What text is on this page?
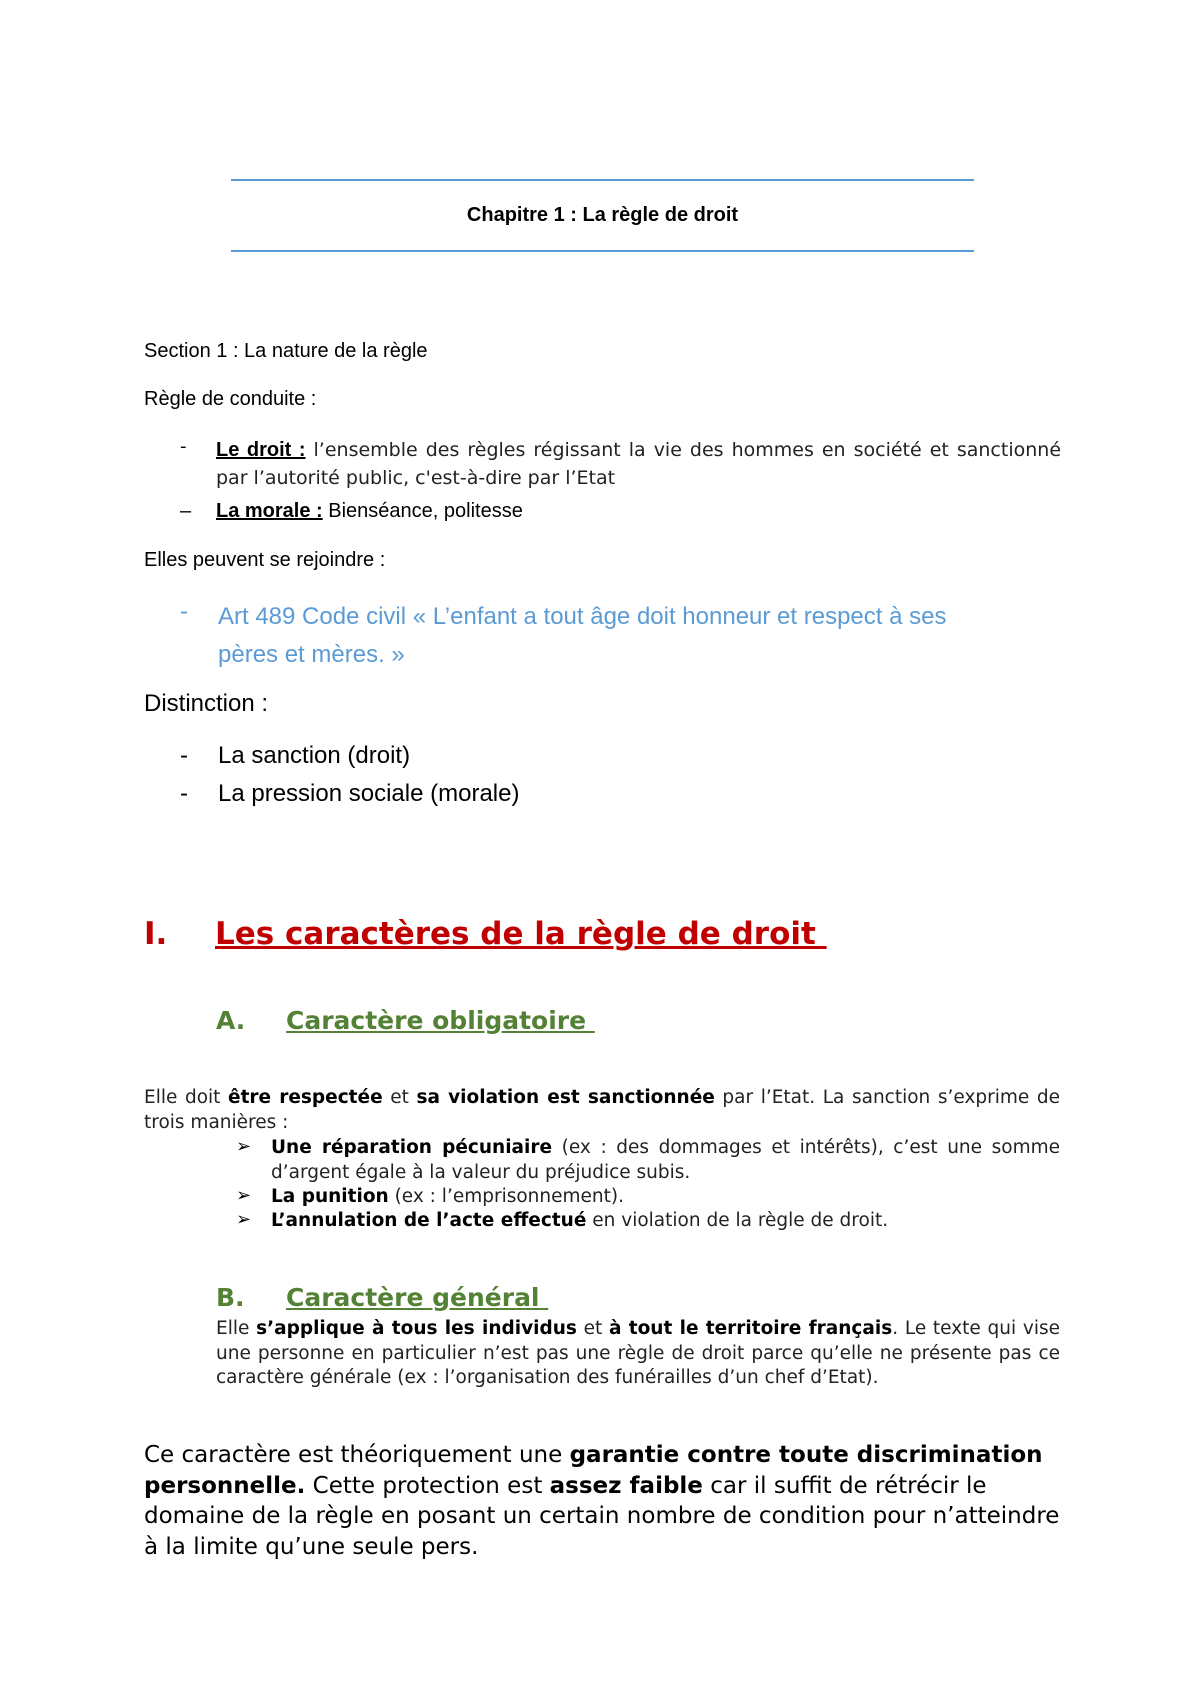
Chapitre 1 : La règle de droit
Section 1 : La nature de la règle
Règle de conduite :
- Le droit : l’ensemble des règles régissant la vie des hommes en société et sanctionné par l’autorité public, c'est-à-dire par l’Etat
– La morale : Bienséance, politesse
Elles peuvent se rejoindre :
- Art 489 Code civil « L’enfant a tout âge doit honneur et respect à ses
pères et mères. »
Distinction :
- La sanction (droit)
- La pression sociale (morale)
I. Les caractères de la règle de droit
A. Caractère obligatoire
Elle doit être respectée et sa violation est sanctionnée par l’Etat. La sanction s’exprime de trois manières :
➢ Une réparation pécuniaire (ex : des dommages et intérêts), c’est une somme d’argent égale à la valeur du préjudice subis.
➢ La punition (ex : l’emprisonnement).
➢ L’annulation de l’acte effectué en violation de la règle de droit.
B. Caractère général
Elle s’applique à tous les individus et à tout le territoire français. Le texte qui vise une personne en particulier n’est pas une règle de droit parce qu’elle ne présente pas ce caractère générale (ex : l’organisation des funérailles d’un chef d’Etat).
Ce caractère est théoriquement une garantie contre toute discrimination personnelle. Cette protection est assez faible car il suffit de rétrécir le domaine de la règle en posant un certain nombre de condition pour n’atteindre à la limite qu’une seule pers.
